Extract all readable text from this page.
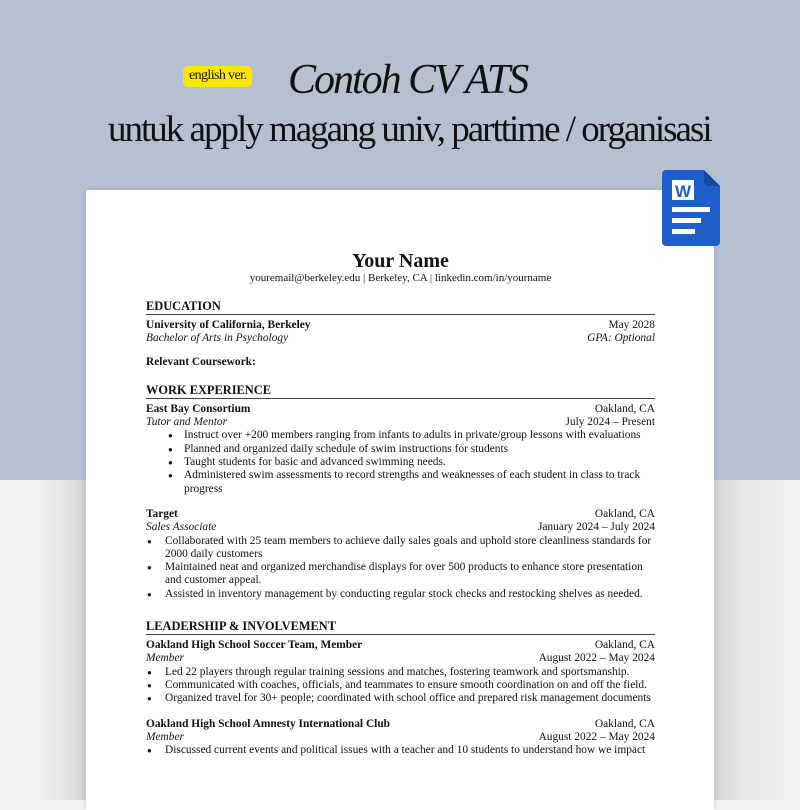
english ver. Contoh CV ATS
untuk apply magang univ, parttime / organisasi
W
Your Name
youremail@berkeley.edu | Berkeley, CA | linkedin.com/in/yourname
EDUCATION
University of California, Berkeley	May 2028
Bachelor of Arts in Psychology	GPA: Optional
Relevant Coursework:
WORK EXPERIENCE
East Bay Consortium	Oakland, CA
Tutor and Mentor	July 2024 – Present
● Instruct over +200 members ranging from infants to adults in private/group lessons with evaluations
● Planned and organized daily schedule of swim instructions for students
● Taught students for basic and advanced swimming needs.
● Administered swim assessments to record strengths and weaknesses of each student in class to track progress
Target	Oakland, CA
Sales Associate	January 2024 – July 2024
● Collaborated with 25 team members to achieve daily sales goals and uphold store cleanliness standards for 2000 daily customers
● Maintained neat and organized merchandise displays for over 500 products to enhance store presentation and customer appeal.
● Assisted in inventory management by conducting regular stock checks and restocking shelves as needed.
LEADERSHIP & INVOLVEMENT
Oakland High School Soccer Team, Member	Oakland, CA
Member	August 2022 – May 2024
● Led 22 players through regular training sessions and matches, fostering teamwork and sportsmanship.
● Communicated with coaches, officials, and teammates to ensure smooth coordination on and off the field.
● Organized travel for 30+ people; coordinated with school office and prepared risk management documents
Oakland High School Amnesty International Club	Oakland, CA
Member	August 2022 – May 2024
● Discussed current events and political issues with a teacher and 10 students to understand how we impact
